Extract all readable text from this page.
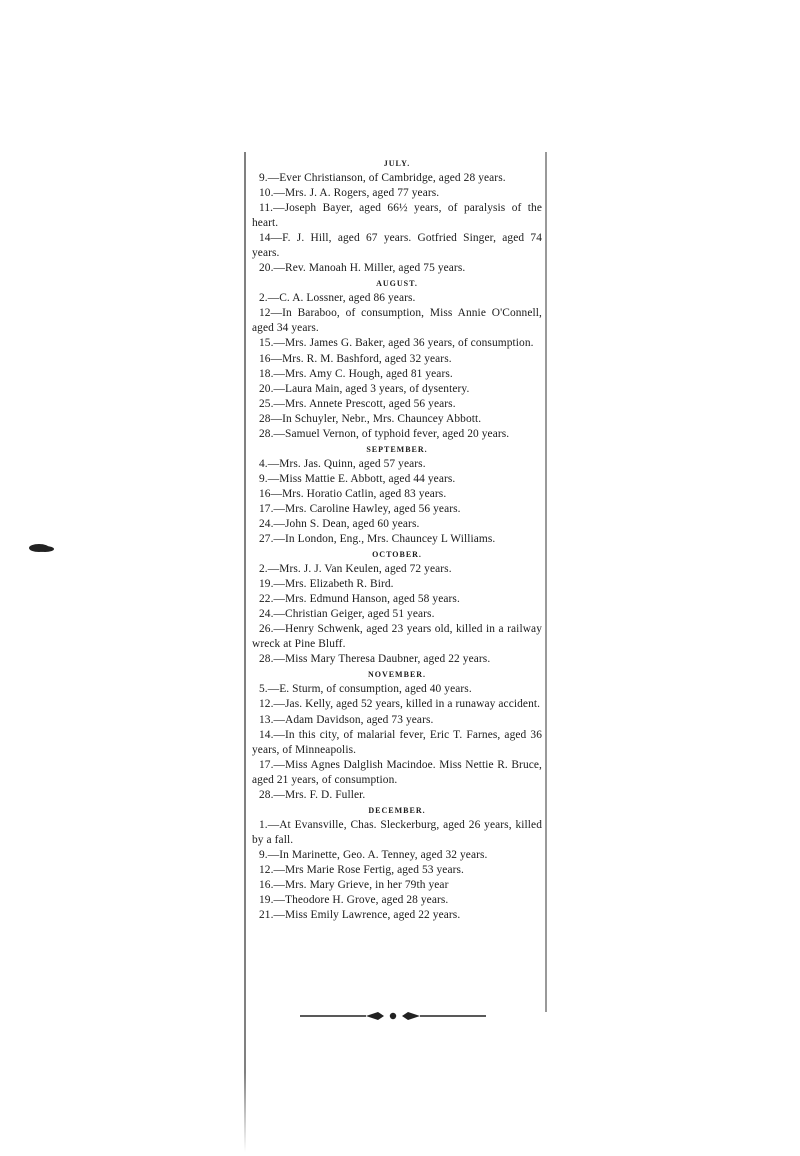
JULY.

9.—Ever Christianson, of Cambridge, aged 28 years.

10.—Mrs. J. A. Rogers, aged 77 years.

11.—Joseph Bayer, aged 66½ years, of paralysis of the heart.

14—F. J. Hill, aged 67 years. Gotfried Singer, aged 74 years.

20.—Rev. Manoah H. Miller, aged 75 years.

AUGUST.

2.—C. A. Lossner, aged 86 years.

12—In Baraboo, of consumption, Miss Annie O'Connell, aged 34 years.

15.—Mrs. James G. Baker, aged 36 years, of consumption.

16—Mrs. R. M. Bashford, aged 32 years.

18.—Mrs. Amy C. Hough, aged 81 years.

20.—Laura Main, aged 3 years, of dysentery.

25.—Mrs. Annete Prescott, aged 56 years.

28—In Schuyler, Nebr., Mrs. Chauncey Abbott.

28.—Samuel Vernon, of typhoid fever, aged 20 years.

SEPTEMBER.

4.—Mrs. Jas. Quinn, aged 57 years.

9.—Miss Mattie E. Abbott, aged 44 years.

16—Mrs. Horatio Catlin, aged 83 years.

17.—Mrs. Caroline Hawley, aged 56 years.

24.—John S. Dean, aged 60 years.

27.—In London, Eng., Mrs. Chauncey L Williams.

OCTOBER.

2.—Mrs. J. J. Van Keulen, aged 72 years.

19.—Mrs. Elizabeth R. Bird.

22.—Mrs. Edmund Hanson, aged 58 years.

24.—Christian Geiger, aged 51 years.

26.—Henry Schwenk, aged 23 years old, killed in a railway wreck at Pine Bluff.

28.—Miss Mary Theresa Daubner, aged 22 years.

NOVEMBER.

5.—E. Sturm, of consumption, aged 40 years.

12.—Jas. Kelly, aged 52 years, killed in a runaway accident.

13.—Adam Davidson, aged 73 years.

14.—In this city, of malarial fever, Eric T. Farnes, aged 36 years, of Minneapolis.

17.—Miss Agnes Dalglish Macindoe. Miss Nettie R. Bruce, aged 21 years, of consumption.

28.—Mrs. F. D. Fuller.

DECEMBER.

1.—At Evansville, Chas. Sleckerburg, aged 26 years, killed by a fall.

9.—In Marinette, Geo. A. Tenney, aged 32 years.

12.—Mrs Marie Rose Fertig, aged 53 years.

16.—Mrs. Mary Grieve, in her 79th year

19.—Theodore H. Grove, aged 28 years.

21.—Miss Emily Lawrence, aged 22 years.
